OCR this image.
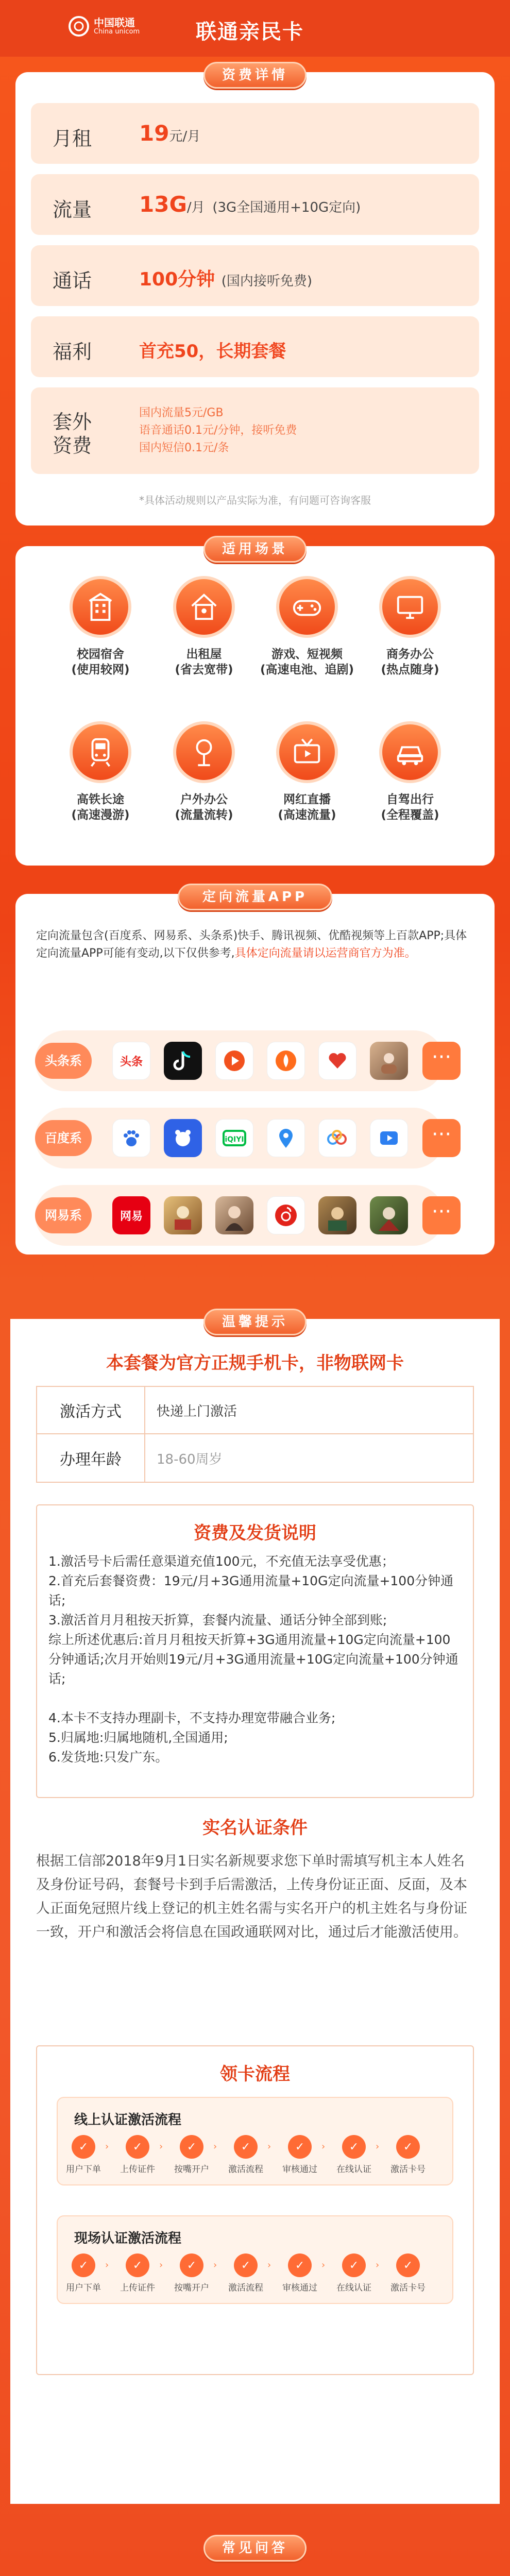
中国联通
China unicom	联通亲民卡
资费详情
月租 19元/月
流量 13G/月 (3G全国通用+10G定向)
通话	100分钟 (国内接听免费)
福利	首充50，长期套餐
套外资费
国内流量5元/GB
语音通话0.1元/分钟，接听免费
国内短信0.1元/条
*具体活动规则以产品实际为准，有问题可咨询客服
适用场景
校园宿舍
(使用较网)
出租屋
(省去宽带)
游戏、短视频
(高速电池、追剧)
商务办公
(热点随身)
高铁长途
(高速漫游)
户外办公
(流量流转)
网红直播
(高速流量)
自驾出行
(全程覆盖)
定向流量APP
定向流量包含(百度系、网易系、头条系)快手、腾讯视频、优酷视频等上百款APP;具体定向流量APP可能有变动,以下仅供参考,具体定向流量请以运营商官方为准。
头条系	头条	···
百度系	iQIYI	···
网易系	网易	···
温馨提示
本套餐为官方正规手机卡，非物联网卡
激活方式	快递上门激活
办理年龄	18-60周岁
资费及发货说明
1.激活号卡后需任意渠道充值100元，不充值无法享受优惠；
2.首充后套餐资费：19元/月+3G通用流量+10G定向流量+100分钟通话;
3.激活首月月租按天折算，套餐内流量、通话分钟全部到账;
综上所述优惠后:首月月租按天折算+3G通用流量+10G定向流量+100分钟通话;次月开始则19元/月+3G通用流量+10G定向流量+100分钟通话;
4.本卡不支持办理副卡，不支持办理宽带融合业务;
5.归属地:归属地随机,全国通用;
6.发货地:只发广东。
实名认证条件
根据工信部2018年9月1日实名新规要求您下单时需填写机主本人姓名及身份证号码，套餐号卡到手后需激活，上传身份证正面、反面，及本人正面免冠照片线上登记的机主姓名需与实名开户的机主姓名与身份证一致，开户和激活会将信息在国政通联网对比，通过后才能激活使用。
领卡流程
线上认证激活流程
✓
用户下单
›	✓
上传证件
›	✓
按嘴开户
›	✓
激活流程
›	✓
审核通过
›	✓
在线认证
›	✓
激活卡号
现场认证激活流程
✓
用户下单
›	✓
上传证件
›	✓
按嘴开户
›	✓
激活流程
›	✓
审核通过
›	✓
在线认证
›	✓
激活卡号
常见问答
